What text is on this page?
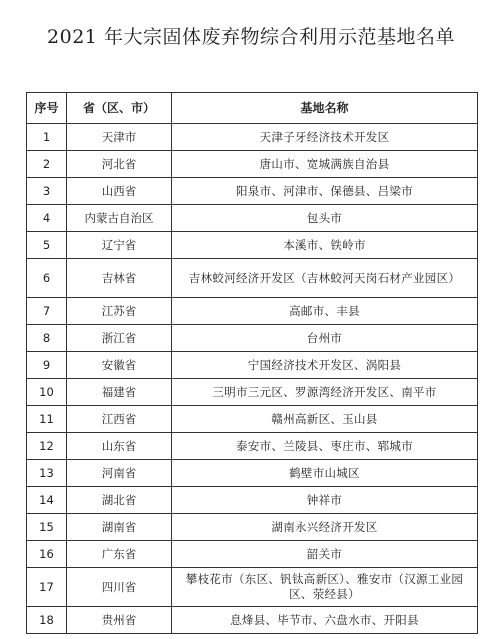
2021 年大宗固体废弃物综合利用示范基地名单
序号	省（区、市）	基地名称
1	天津市	天津子牙经济技术开发区
2	河北省	唐山市、宽城满族自治县
3	山西省	阳泉市、河津市、保德县、吕梁市
4	内蒙古自治区	包头市
5	辽宁省	本溪市、铁岭市
6	吉林省	吉林蛟河经济开发区（吉林蛟河天岗石材产业园区）
7	江苏省	高邮市、丰县
8	浙江省	台州市
9	安徽省	宁国经济技术开发区、涡阳县
10	福建省	三明市三元区、罗源湾经济开发区、南平市
11	江西省	赣州高新区、玉山县
12	山东省	泰安市、兰陵县、枣庄市、郓城市
13	河南省	鹤壁市山城区
14	湖北省	钟祥市
15	湖南省	湖南永兴经济开发区
16	广东省	韶关市
17	四川省	攀枝花市（东区、钒钛高新区）、雅安市（汉源工业园区、荥经县）
18	贵州省	息烽县、毕节市、六盘水市、开阳县
